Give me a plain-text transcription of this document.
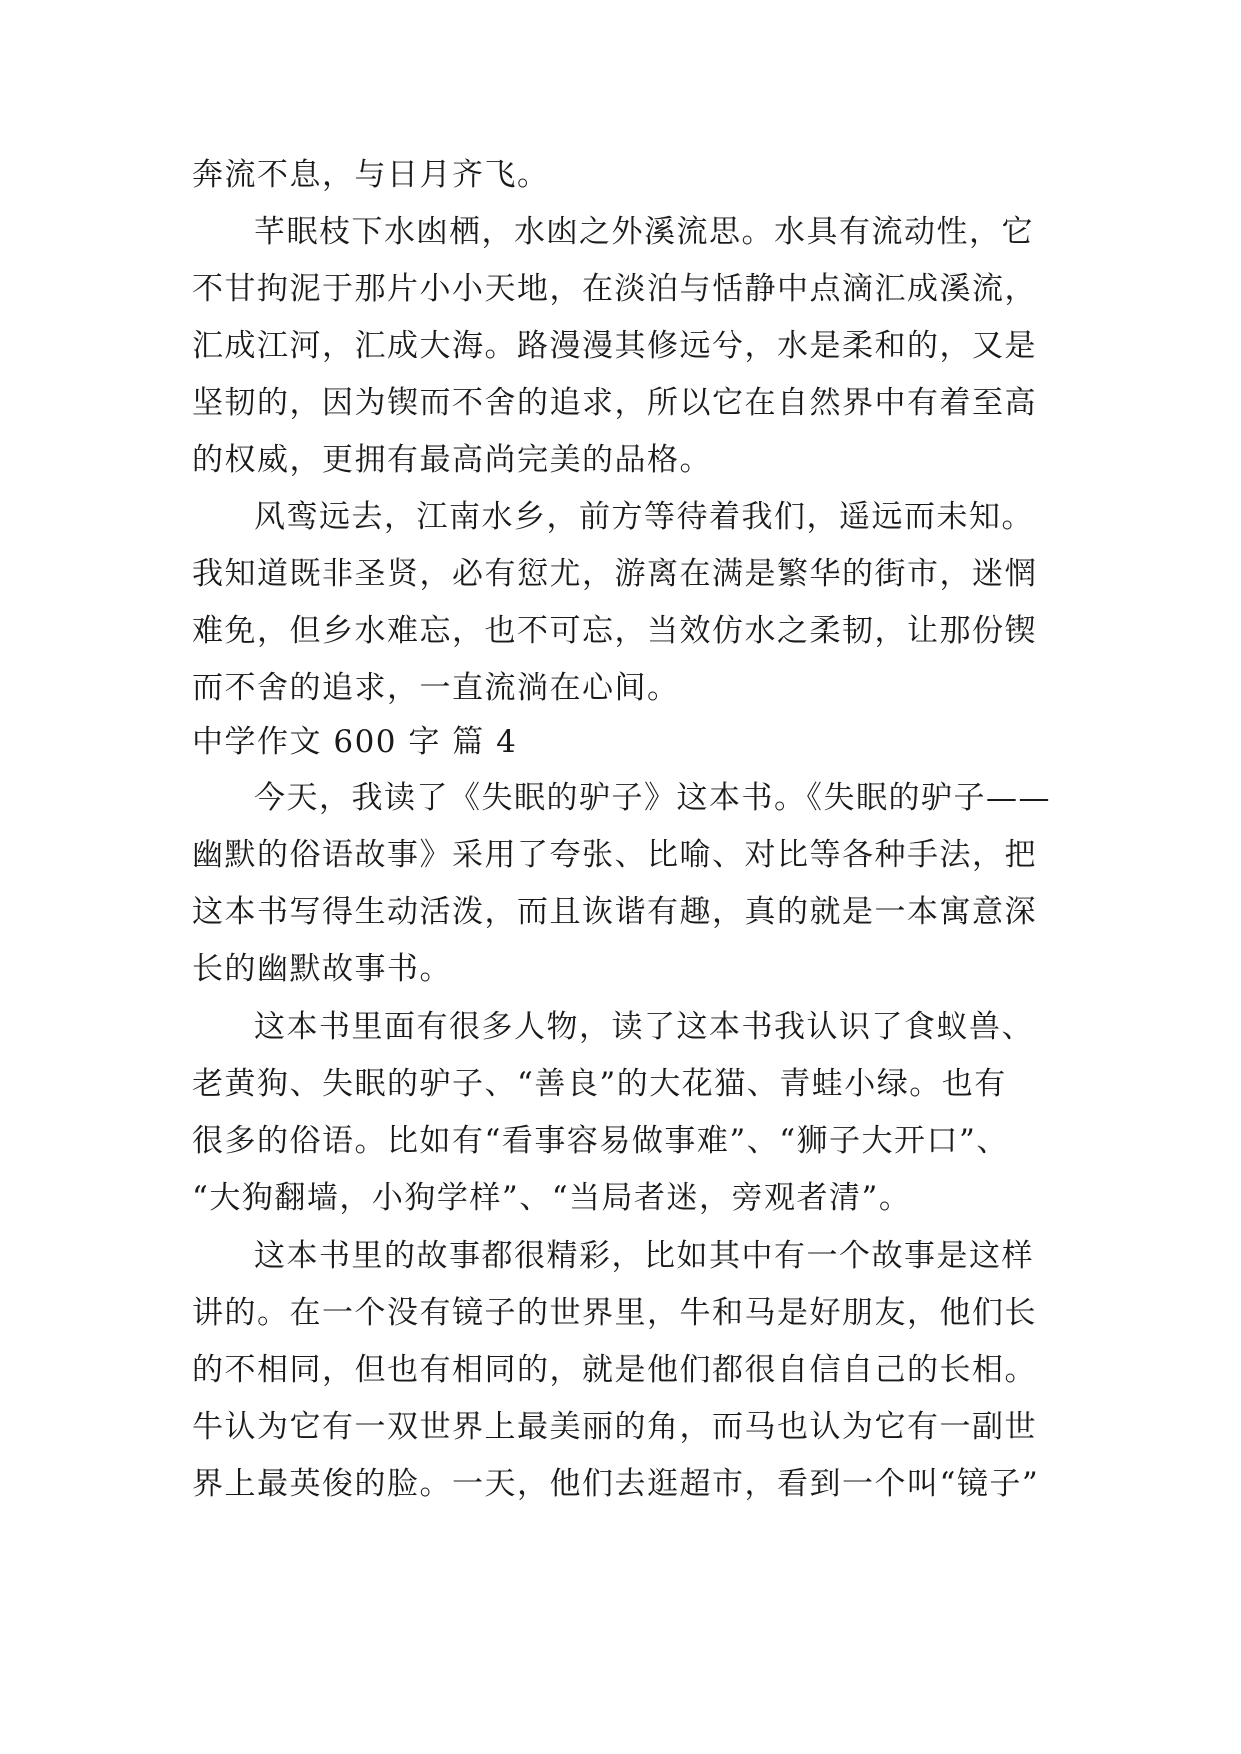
奔流不息，与日月齐飞。
芊眠枝下水凼栖，水凼之外溪流思。水具有流动性，它
不甘拘泥于那片小小天地，在淡泊与恬静中点滴汇成溪流，
汇成江河，汇成大海。路漫漫其修远兮，水是柔和的，又是
坚韧的，因为锲而不舍的追求，所以它在自然界中有着至高
的权威，更拥有最高尚完美的品格。
风鸾远去，江南水乡，前方等待着我们，遥远而未知。
我知道既非圣贤，必有愆尤，游离在满是繁华的街市，迷惘
难免，但乡水难忘，也不可忘，当效仿水之柔韧，让那份锲
而不舍的追求，一直流淌在心间。
中学作文 600 字 篇 4
今天，我读了《失眠的驴子》这本书。《失眠的驴子——
幽默的俗语故事》采用了夸张、比喻、对比等各种手法，把
这本书写得生动活泼，而且诙谐有趣，真的就是一本寓意深
长的幽默故事书。
这本书里面有很多人物，读了这本书我认识了食蚁兽、
老黄狗、失眠的驴子、“善良”的大花猫、青蛙小绿。也有
很多的俗语。比如有“看事容易做事难”、“狮子大开口”、
“大狗翻墙，小狗学样”、“当局者迷，旁观者清”。
这本书里的故事都很精彩，比如其中有一个故事是这样
讲的。在一个没有镜子的世界里，牛和马是好朋友，他们长
的不相同，但也有相同的，就是他们都很自信自己的长相。
牛认为它有一双世界上最美丽的角，而马也认为它有一副世
界上最英俊的脸。一天，他们去逛超市，看到一个叫“镜子”
